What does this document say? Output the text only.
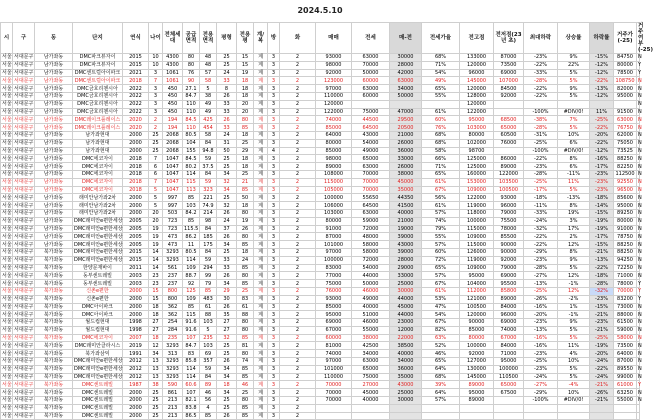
2024.5.10
시	구	동	단지	연식	나이	전체세대	공급면적	전용면적	평형	전용평	계/복	방	화	매매	전세	매-전	전세가율	전고점	전저점(23년 초)	최대하락	상승률	하락률	거주가(-25)	거주여부(-25)
서울	서대문구	남가좌동	DMC파크뷰자이	2015	10	4300	80	48	25	15	계	3	2	93000	63000	30000	68%	133000	87000	-23%	9%	-15%	84750	N
서울	서대문구	남가좌동	DMC파크뷰자이	2015	10	4300	80	48	25	15	계	3	2	98000	70000	28000	71%	120000	73500	-22%	22%	-12%	80000	Y
서울	서대문구	남가좌동	DMC센트럴아이파크	2021	3	1061	76	57	24	19	계	3	2	92000	50000	42000	54%	96000	69000	-33%	5%	-12%	78500	Y
서울	서대문구	남가좌동	DMC센트럴아이파크	2018	7	1061	90	58	33	18	계	3	2	123000	60000	63000	49%	145000	107000	-28%	5%	-22%	108750	N
서울	서대문구	남가좌동	DMC금호리첸시아	2022	3	450	27.1	5	8	18	계	3	2	97000	63000	34000	65%	120000	84500	-22%	9%	-13%	82000	N
서울	서대문구	남가좌동	DMC금호리첸시아	2022	3	450	84.7	38	26	18	계	3	2	110000	60000	50000	55%	128000	92000	-22%	5%	-12%	95000	N
서울	서대문구	남가좌동	DMC금호리첸시아	2022	3	450	110	49	33	20	계	3	2	120000				120000						N
서울	서대문구	남가좌동	DMC금호리첸시아	2022	3	450	110	49	33	20	계	3	2	122000	75000	47000	61%	122000		-100%	#DIV/0!	11%	91500	N
서울	서대문구	남가좌동	DMC레이크플레이스	2020	2	194	84.5	425	26	80	계	3	2	74000	44500	29500	60%	95000	68500	-38%	7%	-25%	63000	N
서울	서대문구	남가좌동	DMC레이크플레이스	2020	2	194	110	454	33	85	계	3	2	85000	64500	20500	76%	103000	65000	-28%	5%	-22%	76750	N
서울	서대문구	남가좌동	남가좌현대	2000	25	2068	80.5	58	24	18	계	3	2	64000	43000	21000	68%	80000	60500	-31%	10%	-20%	62000	N
서울	서대문구	남가좌동	남가좌현대	2000	25	2068	104	84	31	25	계	3	2	80000	54000	26000	68%	102000	76000	-25%	6%	-22%	75050	N
서울	서대문구	남가좌동	남가좌현대	2000	25	2068	155	94.8	50	29	계	4	2	85000	49000	36000	58%	98700		-100%	#DIV/0!	-12%	73525	N
서울	서대문구	남가좌동	DMC에코자이	2018	7	1047	84.5	59	25	18	계	3	2	98000	65000	33000	66%	125000	86000	-22%	8%	-16%	88250	N
서울	서대문구	남가좌동	DMC에코자이	2018	6	1047	80.2	37.5	25	18	계	3	2	89000	63000	26000	71%	125000	89000	-23%	6%	-17%	82250	N
서울	서대문구	남가좌동	DMC에코자이	2018	6	1047	114	84	34	25	계	3	2	108000	70000	38000	65%	160000	122000	-28%	-11%	-23%	112500	N
서울	서대문구	남가좌동	DMC에코자이	2018	7	1047	115	59	32	21	계	3	2	115000	70000	45000	61%	153000	103500	-25%	11%	-23%	92550	N
서울	서대문구	남가좌동	DMC에코자이	2018	5	1047	113	323	34	85	계	3	2	105000	70000	35000	67%	109000	100500	-17%	5%	-23%	96500	N
서울	서대문구	남가좌동	래미안남가좌2차	2000	5	997	85	221	25	50	계	3	2	100000	55650	44350	56%	122000	93000	-18%	-13%	-18%	85600	N
서울	서대문구	남가좌동	래미안남가좌2차	2000	5	997	103	74.9	32	18	계	3	2	106000	64500	41500	61%	119000	96000	-11%	8%	-14%	95000	N
서울	서대문구	남가좌동	래미안남가좌2차	2000	20	503	84.2	214	26	80	계	3	2	103000	63000	40000	57%	118000	79000	-33%	19%	-15%	89250	N
서울	서대문구	남가좌동	DMC래미안e편한세상	2005	20	723	85	98	24	19	계	3	2	80000	59000	21000	74%	100000	75500	-24%	3%	-19%	80000	N
서울	서대문구	남가좌동	DMC래미안e편한세상	2005	19	723	115.5	84	37	26	계	3	2	91000	72000	19000	79%	115000	78000	-32%	17%	-19%	91000	N
서울	서대문구	남가좌동	DMC래미안e편한세상	2005	19	473	86.2	185	26	80	계	3	2	87000	48000	39000	55%	109000	85500	-22%	2%	-17%	78750	N
서울	서대문구	남가좌동	DMC래미안e편한세상	2005	19	473	11	175	34	85	계	3	2	101000	58000	43000	57%	115000	90000	-22%	12%	-15%	88250	N
서울	서대문구	북가좌동	DMC래미안e편한세상	2015	14	3293	80.5	84	25	18	계	3	2	97000	58000	39000	60%	126000	90000	-29%	8%	-21%	88250	N
서울	서대문구	북가좌동	DMC래미안e편한세상	2015	14	3293	114	59	33	24	계	3	2	100000	72000	28000	72%	119000	92000	-23%	9%	-13%	94250	N
서울	서대문구	북가좌동	한양문재바이	2011	14	561	109	294	33	85	계	3	2	83000	54000	29000	65%	109000	79000	-28%	5%	-22%	72250	N
서울	서대문구	북가좌동	동부센트레빌	2003	23	237	88.7	99	26	80	계	3	2	77000	44000	33000	57%	95000	69000	-27%	12%	-18%	71000	N
서울	서대문구	북가좌동	동부센트레빌	2003	23	237	92	79	34	85	계	3	2	75000	50000	25000	67%	104000	95500	-13%	-1%	-28%	78000	Y
서울	서대문구	북가좌동	신촌e편한	2000	15	800	125	85	29	25	계	3	2	76000	46000	30000	61%	112000	85800	-25%	12%	-32%	70000	Y
서울	서대문구	북가좌동	신촌e편한	2000	15	800	109	483	30	83	계	3	2	93000	49000	44000	53%	121000	89000	-26%	-2%	-23%	83200	Y
서울	서대문구	북가좌동	DMC아이파크	2000	18	362	85	61	26	61	계	3	2	85000	40000	45000	47%	100500	84000	-16%	1%	-15%	73000	N
서울	서대문구	북가좌동	DMC아이파크	2000	18	362	115	88	35	88	계	3	2	95000	51000	44000	54%	120000	96000	-20%	-1%	-21%	88000	N
서울	서대문구	북가좌동	월드컵현대	1998	27	254	91.6	103	27	80	계	3	2	69000	46000	23000	67%	90000	69000	-23%	9%	-23%	61500	N
서울	서대문구	북가좌동	월드컵현대	1998	27	284	91.6	5	27	80	계	3	2	67000	55000	12000	82%	85000	74000	-13%	5%	-21%	59000	N
서울	서대문구	북가좌동	DMC에코자이	2007	18	235	107	235	32	85	계	3	2	60000	38000	22000	63%	80000	67000	-16%	5%	-25%	58000	N
서울	서대문구	북가좌동	DMC래미안클라시스	2019	12	3293	84.7	103	25	81	계	3	2	81000	42500	38500	52%	100000	84000	-16%	11%	-19%	73500	N
서울	서대문구	북가좌동	북가좌삼익	1991	34	313	83	69	25	80	계	3	2	74000	34000	40000	46%	92000	71000	-23%	4%	-20%	64000	N
서울	서대문구	북가좌동	DMC래미안e편한세상	2012	13	3293	85.8	357	26	74	계	3	2	97000	63000	34000	65%	127000	95000	-25%	10%	-24%	87000	N
서울	서대문구	북가좌동	DMC래미안e편한세상	2012	13	3293	114	59	34	85	계	3	2	101000	65000	36000	64%	130000	100000	-23%	5%	-22%	89550	N
서울	서대문구	북가좌동	DMC래미안e편한세상	2012	13	3293	114	84	34	85	계	3	2	110000	75000	35000	68%	145000	110500	-24%	5%	-24%	99000	N
서울	서대문구	북가좌동	DMC센트레빌	1987	38	590	60.6	89	18	46	계	3	2	70000	27000	43000	39%	89000	65000	-27%	-4%	-21%	61000	Y
서울	서대문구	북가좌동	DMC센트레빌	2000	25	861	107	46	34	25	계	3	2	70000	45000	25000	64%	95000	67500	-29%	10%	-26%	63250	N
서울	서대문구	북가좌동	DMC센트레빌	2000	25	213	82.1	56	25	80	계	3	2	70000	40000	30000	57%	89000		-100%	#DIV/0!	-21%	55000	N
서울	서대문구	북가좌동	DMC센트레빌	2000	25	213	83.8	4	25	85	계	3	2											
서울	서대문구	북가좌동	DMC센트레빌	2000	25	213	86.5	85	26	85	계	3	2											
